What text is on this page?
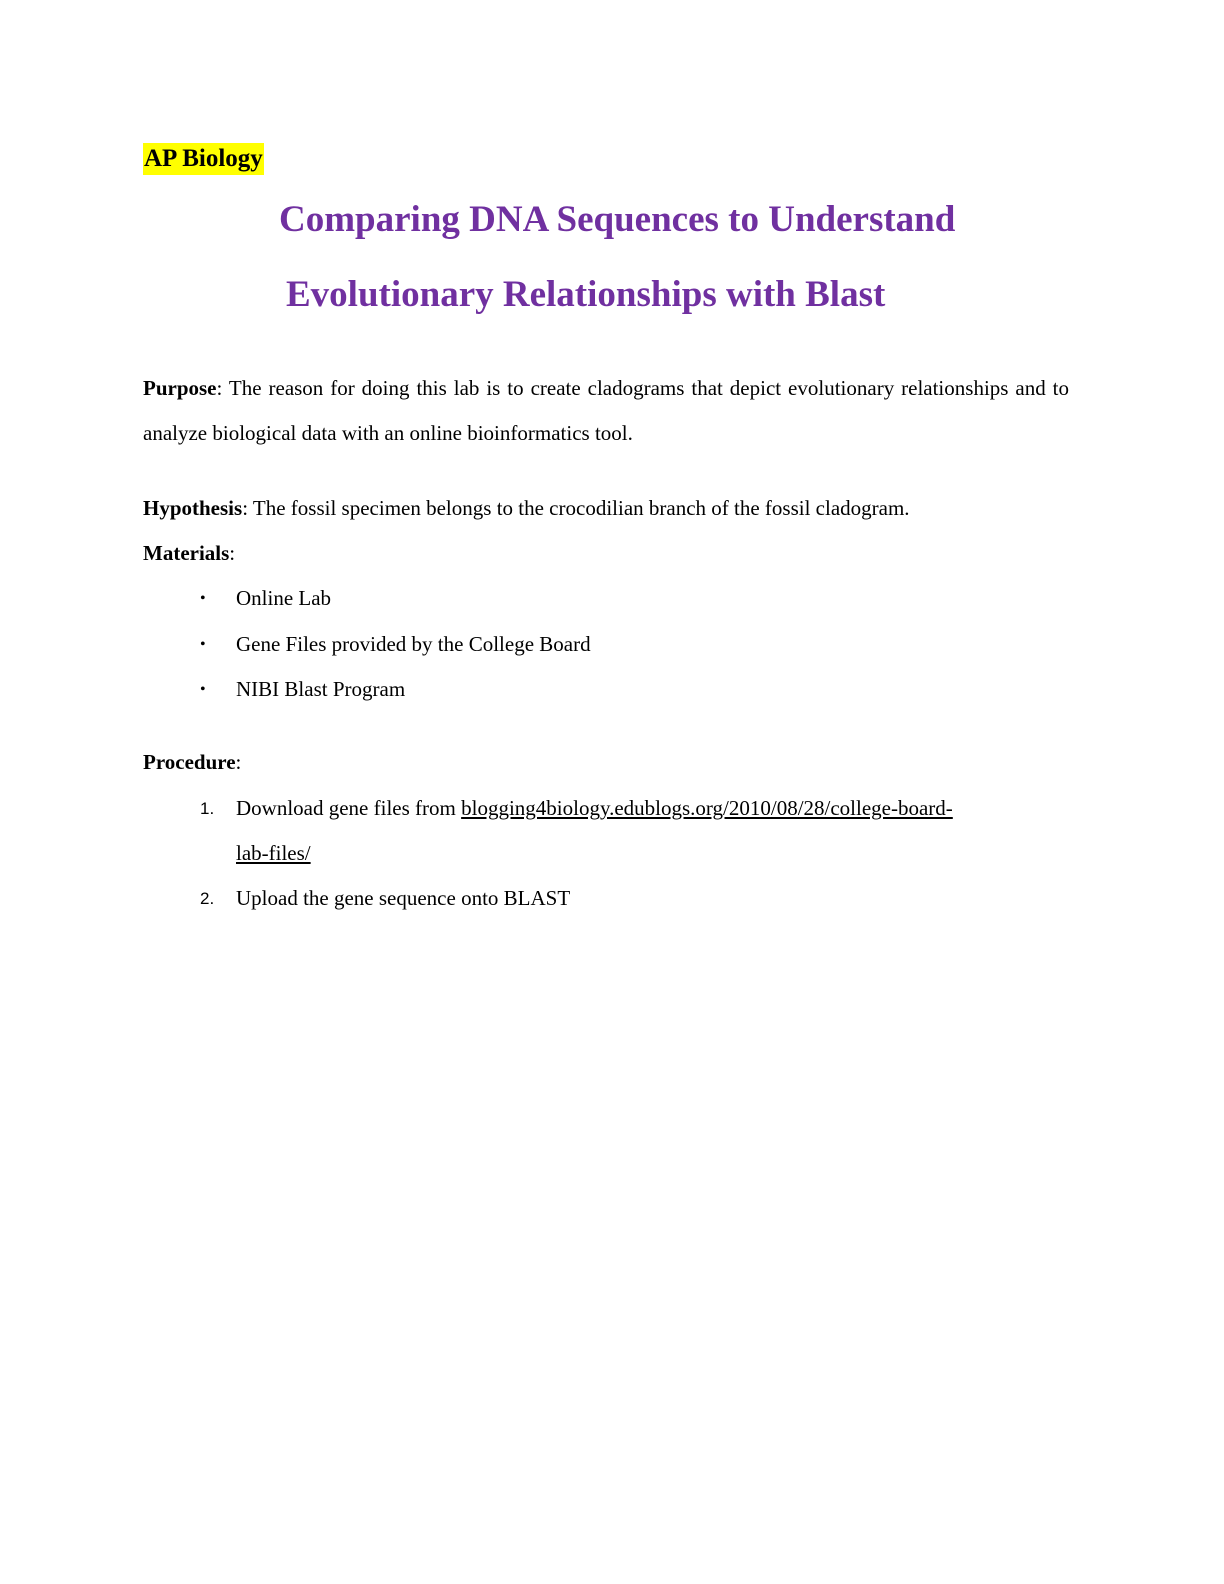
AP Biology
Comparing DNA Sequences to Understand
Evolutionary Relationships with Blast
Purpose: The reason for doing this lab is to create cladograms that depict evolutionary relationships and to analyze biological data with an online bioinformatics tool.
Hypothesis: The fossil specimen belongs to the crocodilian branch of the fossil cladogram.
Materials:
• Online Lab
• Gene Files provided by the College Board
• NIBI Blast Program
Procedure:
1. Download gene files from blogging4biology.edublogs.org/2010/08/28/college-board-
lab-files/
2. Upload the gene sequence onto BLAST
